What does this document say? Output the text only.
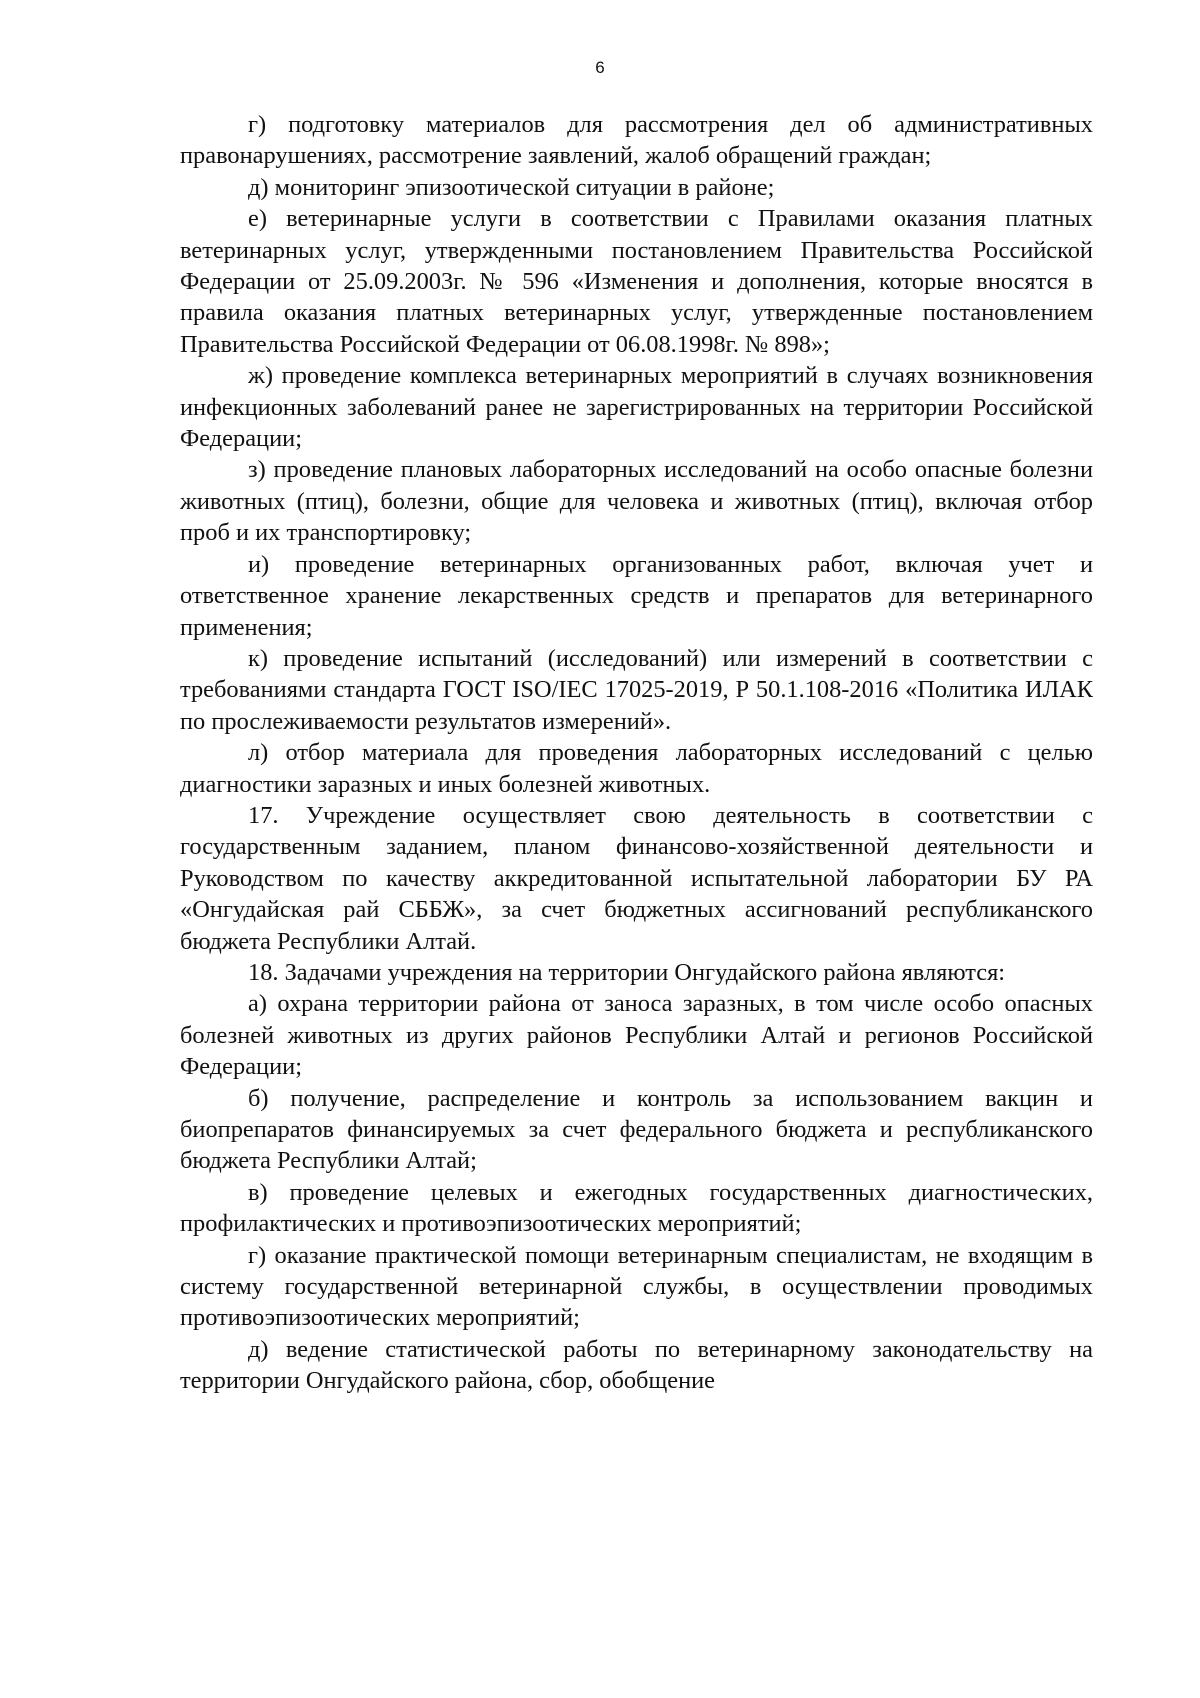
6

г) подготовку материалов для рассмотрения дел об административных правонарушениях, рассмотрение заявлений, жалоб обращений граждан;

д) мониторинг эпизоотической ситуации в районе;

е) ветеринарные услуги в соответствии с Правилами оказания платных ветеринарных услуг, утвержденными постановлением Правительства Российской Федерации от 25.09.2003г. № 596 «Изменения и дополнения, которые вносятся в правила оказания платных ветеринарных услуг, утвержденные постановлением Правительства Российской Федерации от 06.08.1998г. № 898»;

ж) проведение комплекса ветеринарных мероприятий в случаях возникновения инфекционных заболеваний ранее не зарегистрированных на территории Российской Федерации;

з) проведение плановых лабораторных исследований на особо опасные болезни животных (птиц), болезни, общие для человека и животных (птиц), включая отбор проб и их транспортировку;

и) проведение ветеринарных организованных работ, включая учет и ответственное хранение лекарственных средств и препаратов для ветеринарного применения;

к) проведение испытаний (исследований) или измерений в соответствии с требованиями стандарта ГОСТ ISO/IEC 17025-2019, Р 50.1.108-2016 «Политика ИЛАК по прослеживаемости результатов измерений».

л) отбор материала для проведения лабораторных исследований с целью диагностики заразных и иных болезней животных.

17. Учреждение осуществляет свою деятельность в соответствии с государственным заданием, планом финансово-хозяйственной деятельности и Руководством по качеству аккредитованной испытательной лаборатории БУ РА «Онгудайская рай СББЖ», за счет бюджетных ассигнований республиканского бюджета Республики Алтай.

18. Задачами учреждения на территории Онгудайского района являются:

а) охрана территории района от заноса заразных, в том числе особо опасных болезней животных из других районов Республики Алтай и регионов Российской Федерации;

б) получение, распределение и контроль за использованием вакцин и биопрепаратов финансируемых за счет федерального бюджета и республиканского бюджета Республики Алтай;

в) проведение целевых и ежегодных государственных диагностических, профилактических и противоэпизоотических мероприятий;

г) оказание практической помощи ветеринарным специалистам, не входящим в систему государственной ветеринарной службы, в осуществлении проводимых противоэпизоотических мероприятий;

д) ведение статистической работы по ветеринарному законодательству на территории Онгудайского района, сбор, обобщение
